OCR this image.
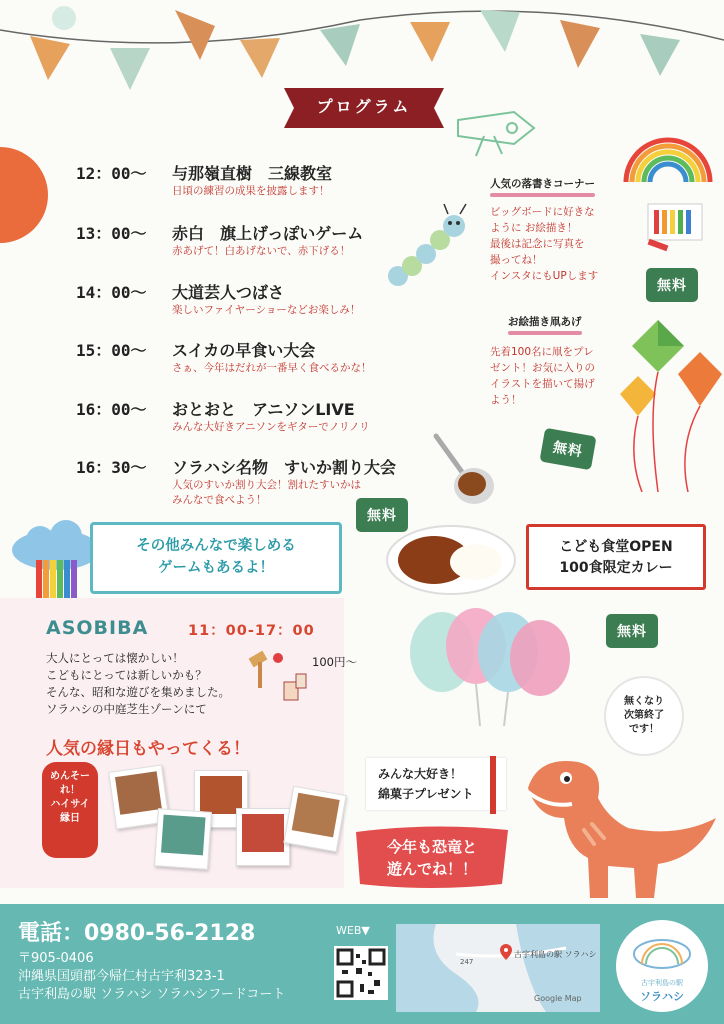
プログラム
12：00〜	与那嶺直樹　三線教室
日頃の練習の成果を披露します！
13：00〜	赤白　旗上げっぽいゲーム
赤あげて！白あげないで、赤下げる！
14：00〜	大道芸人つばさ
楽しいファイヤーショーなどお楽しみ！
15：00〜	スイカの早食い大会
さぁ、今年はだれが一番早く食べるかな！
16：00〜	おとおと　アニソンLIVE
みんな大好きアニソンをギターでノリノリ
16：30〜	ソラハシ名物　すいか割り大会
人気のすいか割り大会！割れたすいかは
みんなで食べよう！
人気の落書きコーナー
ビッグボードに好きな
ように お絵描き！
最後は記念に写真を
撮ってね！
インスタにもUPします
無料
お絵描き凧あげ
先着100名に凧をプレ
ゼント！お気に入りの
イラストを描いて揚げ
よう！
無料
無料
こども食堂OPEN
100食限定カレー
その他みんなで楽しめる
ゲームもあるよ！
ASOBIBA	11：00-17：00
大人にとっては懐かしい！
こどもにとっては新しいかも？
そんな、昭和な遊びを集めました。
ソラハシの中庭芝生ゾーンにて
100円〜
人気の縁日もやってくる！
めんそーれ！
ハイサイ縁日
無料
無くなり
次第終了
です！
みんな大好き！
綿菓子プレゼント
今年も恐竜と
遊んでね！！
電話：0980-56-2128
〒905-0406
沖縄県国頭郡今帰仁村古宇利323-1
古宇利島の駅 ソラハシ ソラハシフードコート
WEB▼
古宇利島の駅 ソラハシ
247
Google Map
古宇利島の駅
ソラハシ
